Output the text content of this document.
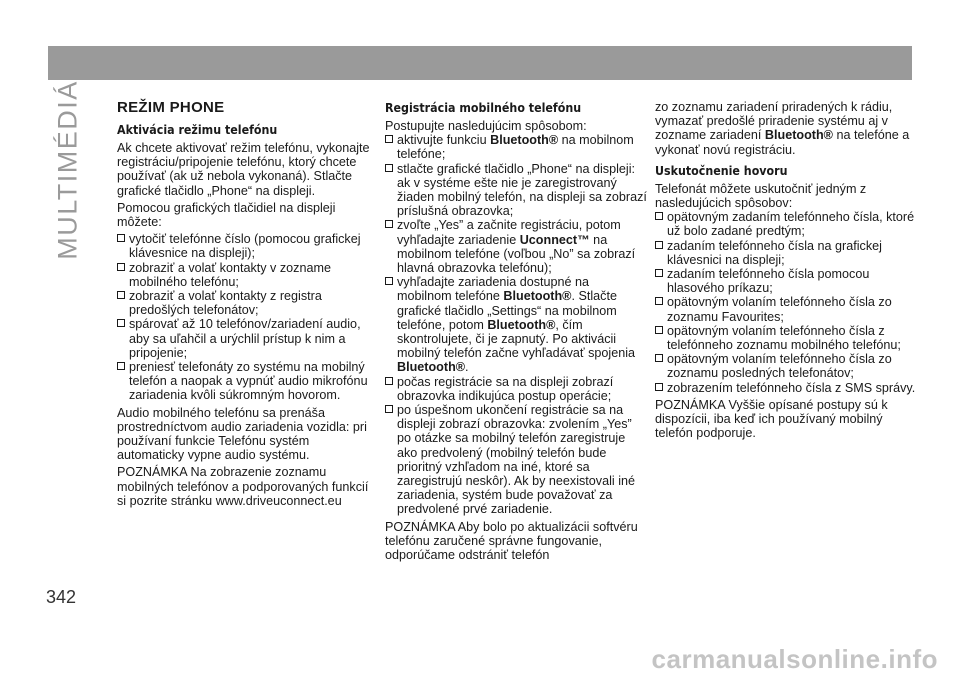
MULTIMÉDIÁ REŽIM PHONE
Aktivácia režimu telefónu

Ak chcete aktivovať režim telefónu, vykonajte registráciu/pripojenie telefónu, ktorý chcete používať (ak už nebola vykonaná). Stlačte grafické tlačidlo „Phone“ na displeji.

Pomocou grafických tlačidiel na displeji môžete:

vytočiť telefónne číslo (pomocou grafickej klávesnice na displeji);
zobraziť a volať kontakty v zozname mobilného telefónu;
zobraziť a volať kontakty z registra predošlých telefonátov;
spárovať až 10 telefónov/zariadení audio, aby sa uľahčil a urýchlil prístup k nim a pripojenie;
preniesť telefonáty zo systému na mobilný telefón a naopak a vypnúť audio mikrofónu zariadenia kvôli súkromným hovorom.

Audio mobilného telefónu sa prenáša prostredníctvom audio zariadenia vozidla: pri používaní funkcie Telefónu systém automaticky vypne audio systému.

POZNÁMKA Na zobrazenie zoznamu mobilných telefónov a podporovaných funkcií si pozrite stránku www.driveuconnect.eu

Registrácia mobilného telefónu

Postupujte nasledujúcim spôsobom:

aktivujte funkciu Bluetooth® na mobilnom telefóne;
stlačte grafické tlačidlo „Phone“ na displeji: ak v systéme ešte nie je zaregistrovaný žiaden mobilný telefón, na displeji sa zobrazí príslušná obrazovka;
zvoľte „Yes” a začnite registráciu, potom vyhľadajte zariadenie Uconnect™ na mobilnom telefóne (voľbou „No” sa zobrazí hlavná obrazovka telefónu);
vyhľadajte zariadenia dostupné na mobilnom telefóne Bluetooth®. Stlačte grafické tlačidlo „Settings“ na mobilnom telefóne, potom Bluetooth®, čím skontrolujete, či je zapnutý. Po aktivácii mobilný telefón začne vyhľadávať spojenia Bluetooth®.
počas registrácie sa na displeji zobrazí obrazovka indikujúca postup operácie;
po úspešnom ukončení registrácie sa na displeji zobrazí obrazovka: zvolením „Yes” po otázke sa mobilný telefón zaregistruje ako predvolený (mobilný telefón bude prioritný vzhľadom na iné, ktoré sa zaregistrujú neskôr). Ak by neexistovali iné zariadenia, systém bude považovať za predvolené prvé zariadenie.

POZNÁMKA Aby bolo po aktualizácii softvéru telefónu zaručené správne fungovanie, odporúčame odstrániť telefón

zo zoznamu zariadení priradených k rádiu, vymazať predošlé priradenie systému aj v zozname zariadení Bluetooth® na telefóne a vykonať novú registráciu.

Uskutočnenie hovoru

Telefonát môžete uskutočniť jedným z nasledujúcich spôsobov:

opätovným zadaním telefónneho čísla, ktoré už bolo zadané predtým;
zadaním telefónneho čísla na grafickej klávesnici na displeji;
zadaním telefónneho čísla pomocou hlasového príkazu;
opätovným volaním telefónneho čísla zo zoznamu Favourites;
opätovným volaním telefónneho čísla z telefónneho zoznamu mobilného telefónu;
opätovným volaním telefónneho čísla zo zoznamu posledných telefonátov;
zobrazením telefónneho čísla z SMS správy.

POZNÁMKA Vyššie opísané postupy sú k dispozícii, iba keď ich používaný mobilný telefón podporuje.

342
carmanualsonline.info
